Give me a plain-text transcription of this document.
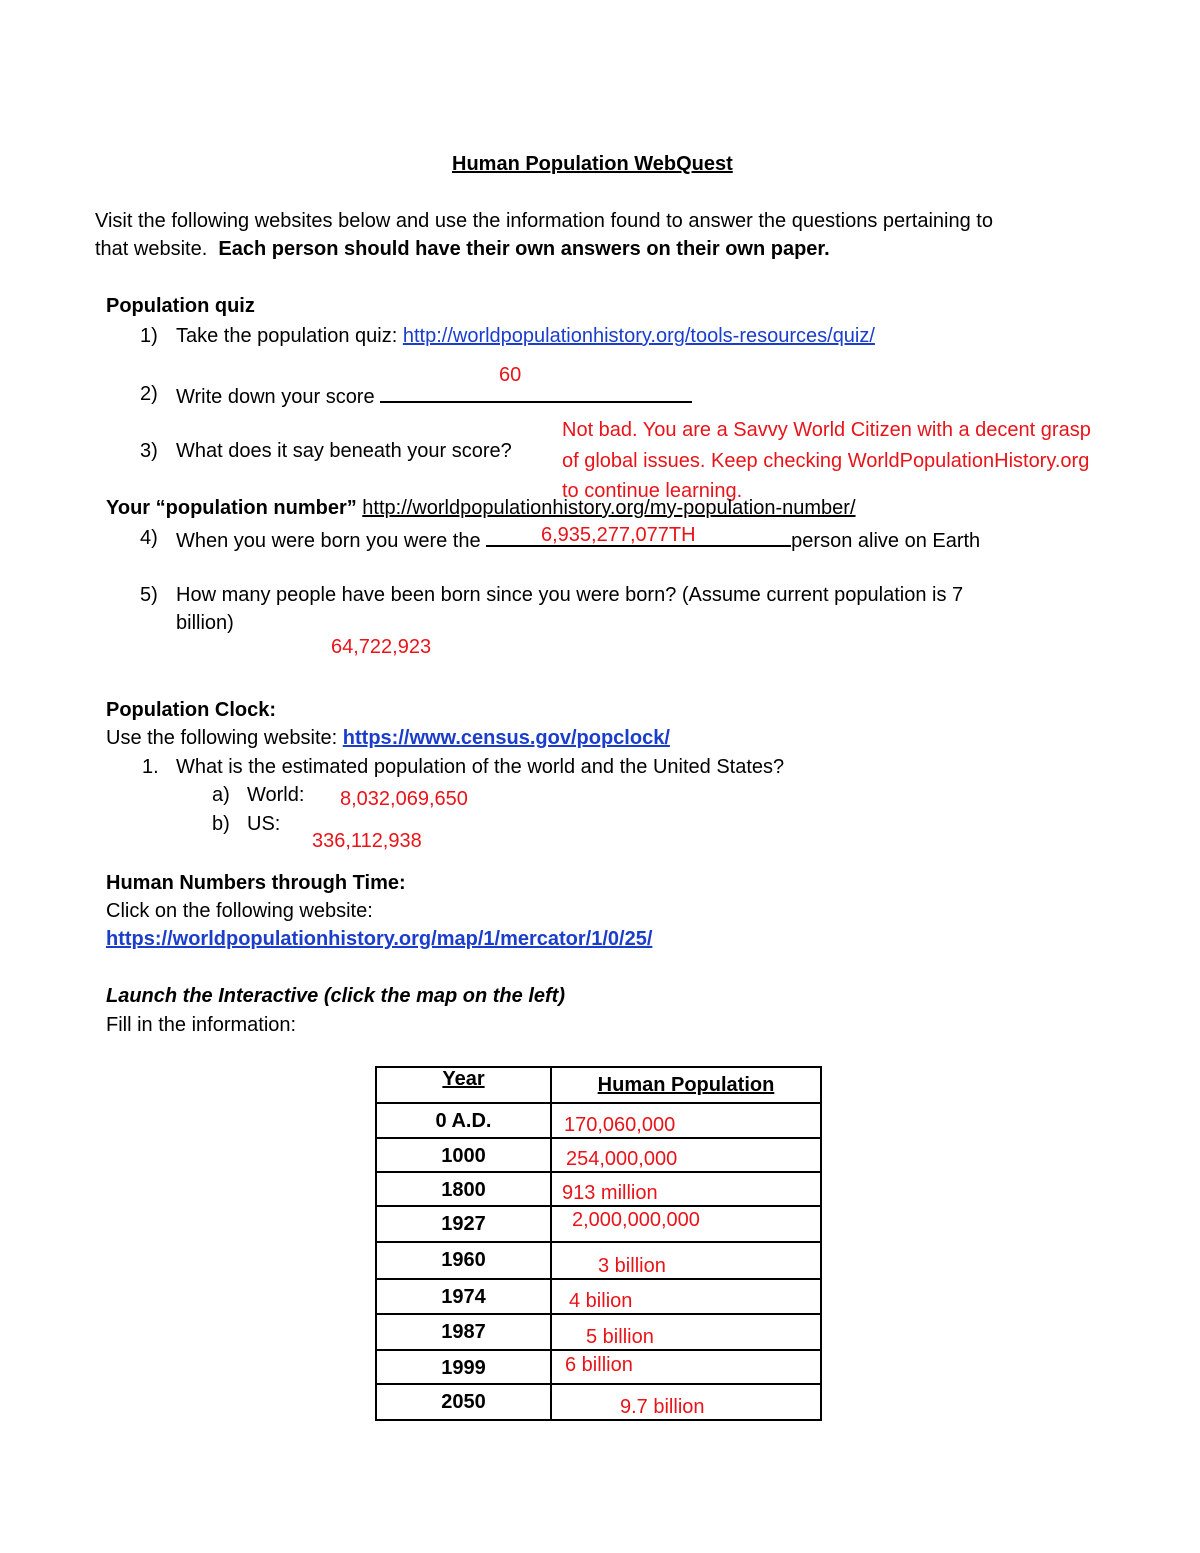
Human Population WebQuest
Visit the following websites below and use the information found to answer the questions pertaining to
that website. Each person should have their own answers on their own paper.
Population quiz
1) Take the population quiz: http://worldpopulationhistory.org/tools-resources/quiz/
60
2) Write down your score
3) What does it say beneath your score?
Not bad. You are a Savvy World Citizen with a decent grasp
of global issues. Keep checking WorldPopulationHistory.org
to continue learning.
Your “population number” http://worldpopulationhistory.org/my-population-number/
6,935,277,077TH
4) When you were born you were the	person alive on Earth
5) How many people have been born since you were born? (Assume current population is 7
billion)
64,722,923
Population Clock:
Use the following website: https://www.census.gov/popclock/
1. What is the estimated population of the world and the United States?
a) World: 8,032,069,650
b) US:
336,112,938
Human Numbers through Time:
Click on the following website:
https://worldpopulationhistory.org/map/1/mercator/1/0/25/
Launch the Interactive (click the map on the left)
Fill in the information:
Year	Human Population
0 A.D.	170,060,000
1000	254,000,000
1800	913 million
1927	2,000,000,000
1960	3 billion
1974	4 bilion
1987	5 billion
1999	6 billion
2050	9.7 billion
